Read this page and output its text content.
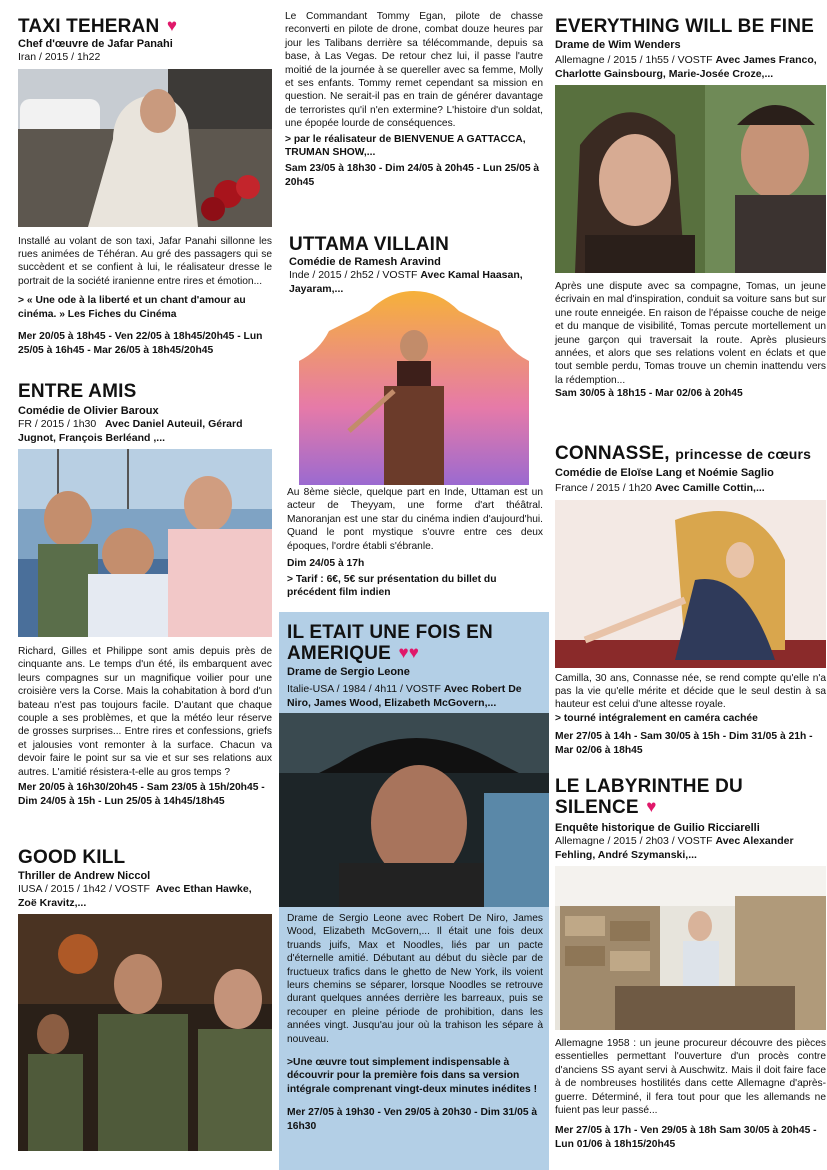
TAXI TEHERAN ♥
Chef d'œuvre de Jafar Panahi
Iran / 2015 / 1h22
Installé au volant de son taxi, Jafar Panahi sillonne les rues animées de Téhéran. Au gré des passagers qui se succèdent et se confient à lui, le réalisateur dresse le portrait de la société iranienne entre rires et émotion...
> « Une ode à la liberté et un chant d'amour au cinéma. » Les Fiches du Cinéma
Mer 20/05 à 18h45 - Ven 22/05 à 18h45/20h45 - Lun 25/05 à 16h45 - Mar 26/05 à 18h45/20h45
ENTRE AMIS
Comédie de Olivier Baroux
FR / 2015 / 1h30 Avec Daniel Auteuil, Gérard Jugnot, François Berléand ,...
Richard, Gilles et Philippe sont amis depuis près de cinquante ans. Le temps d'un été, ils embarquent avec leurs compagnes sur un magnifique voilier pour une croisière vers la Corse. Mais la cohabitation à bord d'un bateau n'est pas toujours facile. D'autant que chaque couple a ses problèmes, et que la météo leur réserve de grosses surprises... Entre rires et confessions, griefs et jalousies vont remonter à la surface. Chacun va devoir faire le point sur sa vie et sur ses relations aux autres. L'amitié résistera-t-elle au gros temps ?
Mer 20/05 à 16h30/20h45 - Sam 23/05 à 15h/20h45 - Dim 24/05 à 15h - Lun 25/05 à 14h45/18h45
GOOD KILL
Thriller de Andrew Niccol
IUSA / 2015 / 1h42 / VOSTF Avec Ethan Hawke, Zoë Kravitz,...
Le Commandant Tommy Egan, pilote de chasse reconverti en pilote de drone, combat douze heures par jour les Talibans derrière sa télécommande, depuis sa base, à Las Vegas. De retour chez lui, il passe l'autre moitié de la journée à se quereller avec sa femme, Molly et ses enfants. Tommy remet cependant sa mission en question. Ne serait-il pas en train de générer davantage de terroristes qu'il n'en extermine? L'histoire d'un soldat, une épopée lourde de conséquences.
> par le réalisateur de BIENVENUE A GATTACCA, TRUMAN SHOW,...
Sam 23/05 à 18h30 - Dim 24/05 à 20h45 - Lun 25/05 à 20h45
UTTAMA VILLAIN
Comédie de Ramesh Aravind
Inde / 2015 / 2h52 / VOSTF Avec Kamal Haasan, Jayaram,...
Au 8ème siècle, quelque part en Inde, Uttaman est un acteur de Theyyam, une forme d'art théâtral. Manoranjan est une star du cinéma indien d'aujourd'hui. Quand le pont mystique s'ouvre entre ces deux époques, l'ordre établi s'ébranle.
Dim 24/05 à 17h
> Tarif : 6€, 5€ sur présentation du billet du précédent film indien
IL ETAIT UNE FOIS EN AMERIQUE ♥♥
Drame de Sergio Leone
Italie-USA / 1984 / 4h11 / VOSTF Avec Robert De Niro, James Wood, Elizabeth McGovern,...
Drame de Sergio Leone avec Robert De Niro, James Wood, Elizabeth McGovern,... Il était une fois deux truands juifs, Max et Noodles, liés par un pacte d'éternelle amitié. Débutant au début du siècle par de fructueux trafics dans le ghetto de New York, ils voient leurs chemins se séparer, lorsque Noodles se retrouve durant quelques années derrière les barreaux, puis se recouper en pleine période de prohibition, dans les années vingt. Jusqu'au jour où la trahison les sépare à nouveau.
>Une œuvre tout simplement indispensable à découvrir pour la première fois dans sa version intégrale comprenant vingt-deux minutes inédites !
Mer 27/05 à 19h30 - Ven 29/05 à 20h30 - Dim 31/05 à 16h30
EVERYTHING WILL BE FINE
Drame de Wim Wenders
Allemagne / 2015 / 1h55 / VOSTF Avec James Franco, Charlotte Gainsbourg, Marie-Josée Croze,...
Après une dispute avec sa compagne, Tomas, un jeune écrivain en mal d'inspiration, conduit sa voiture sans but sur une route enneigée. En raison de l'épaisse couche de neige et du manque de visibilité, Tomas percute mortellement un jeune garçon qui traversait la route. Après plusieurs années, et alors que ses relations volent en éclats et que tout semble perdu, Tomas trouve un chemin inattendu vers la rédemption...
Sam 30/05 à 18h15 - Mar 02/06 à 20h45
CONNASSE, princesse de cœurs
Comédie de Eloïse Lang et Noémie Saglio
France / 2015 / 1h20 Avec Camille Cottin,...
Camilla, 30 ans, Connasse née, se rend compte qu'elle n'a pas la vie qu'elle mérite et décide que le seul destin à sa hauteur est celui d'une altesse royale.
> tourné intégralement en caméra cachée
Mer 27/05 à 14h - Sam 30/05 à 15h - Dim 31/05 à 21h - Mar 02/06 à 18h45
LE LABYRINTHE DU SILENCE ♥
Enquête historique de Guilio Ricciarelli
Allemagne / 2015 / 2h03 / VOSTF Avec Alexander Fehling, André Szymanski,...
Allemagne 1958 : un jeune procureur découvre des pièces essentielles permettant l'ouverture d'un procès contre d'anciens SS ayant servi à Auschwitz. Mais il doit faire face à de nombreuses hostilités dans cette Allemagne d'après-guerre. Déterminé, il fera tout pour que les allemands ne fuient pas leur passé...
Mer 27/05 à 17h - Ven 29/05 à 18h Sam 30/05 à 20h45 - Lun 01/06 à 18h15/20h45
